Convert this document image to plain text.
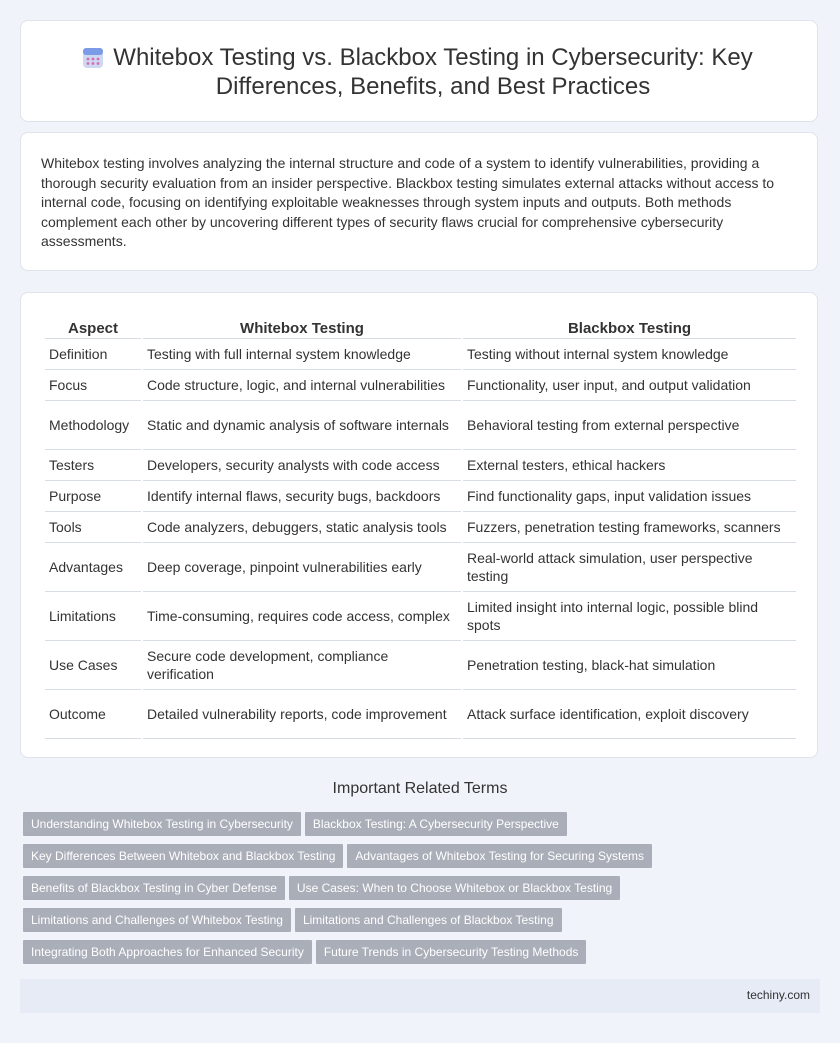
Whitebox Testing vs. Blackbox Testing in Cybersecurity: Key Differences, Benefits, and Best Practices

Whitebox testing involves analyzing the internal structure and code of a system to identify vulnerabilities, providing a thorough security evaluation from an insider perspective. Blackbox testing simulates external attacks without access to internal code, focusing on identifying exploitable weaknesses through system inputs and outputs. Both methods complement each other by uncovering different types of security flaws crucial for comprehensive cybersecurity assessments.

Aspect	Whitebox Testing	Blackbox Testing
Definition	Testing with full internal system knowledge	Testing without internal system knowledge
Focus	Code structure, logic, and internal vulnerabilities	Functionality, user input, and output validation
Methodology	Static and dynamic analysis of software internals	Behavioral testing from external perspective
Testers	Developers, security analysts with code access	External testers, ethical hackers
Purpose	Identify internal flaws, security bugs, backdoors	Find functionality gaps, input validation issues
Tools	Code analyzers, debuggers, static analysis tools	Fuzzers, penetration testing frameworks, scanners
Advantages	Deep coverage, pinpoint vulnerabilities early	Real-world attack simulation, user perspective testing
Limitations	Time-consuming, requires code access, complex	Limited insight into internal logic, possible blind spots
Use Cases	Secure code development, compliance verification	Penetration testing, black-hat simulation
Outcome	Detailed vulnerability reports, code improvement	Attack surface identification, exploit discovery
Important Related Terms
Understanding Whitebox Testing in Cybersecurity Blackbox Testing: A Cybersecurity Perspective
Key Differences Between Whitebox and Blackbox Testing Advantages of Whitebox Testing for Securing Systems
Benefits of Blackbox Testing in Cyber Defense Use Cases: When to Choose Whitebox or Blackbox Testing
Limitations and Challenges of Whitebox Testing Limitations and Challenges of Blackbox Testing
Integrating Both Approaches for Enhanced Security Future Trends in Cybersecurity Testing Methods
techiny.com
